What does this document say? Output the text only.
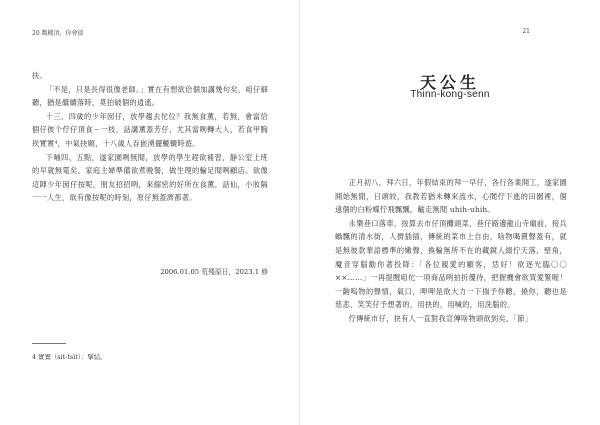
20 戲棚頂，你會揣

扶。

「不是，只是長得很像老師。」實在有想欲佮個加講幾句矣，咱仔細聽，猶是繼續落時，莫拍破個的逍遙。

十三、四歲的少年囡仔，放學趨去佗位？我無食薰，若無，會當佮個仔彼个佇仔頂食ㄧ一枝，話講薰蓋芳仔，尤其當咧轉大人，若食甲胸崁實實⁴，中氣抉順，十八歲人吞嵌湧擺轆轆時遊。

下晡四、五點，遂家園咧無閒，放學的學生趕欲補習，靜公室上班的早就無電矣，家庭主婦準備欲煮晚餐，做生理的輪足閒咧顧店。欲像這陣少年囡仔按呢，朋友招招咧，來縮密的好所在食薰，話仙，小妝隔一一人生，欲有像按呢的時刻，原仔無蓋濟都著。

2006.01.05 荒殘原日，2023.1 修
4 實實（sit-tsit）：擘結。
21
天公生
Thinn-kong-senn

正月初八，拜六日，年假結束的拜一早仔，各行各業開工，遂家園開始無閒，日頭皎，我教若猶未轉來流水，心閬佇下進的田園裡，個遠個的白粉蝶佇飛飄飄，輸走無閒 uhih-uhih。

永樂巷口落車，按算去市仔頂攤頭菜，巷仔路邊龍山寺廟前，接兵蝸飄的清水街，人擠插插，傳統的菜市上自由，啥物喝賣聲蓋有，就是無彼款華語標準的嫩聲，換輪無所不在的藏鏡人綴佇天落，壁角，魔音穿腦勸你著投降：「各位親愛的顧客，恁好！欲逐光臨〇〇××……」一再提醒咱佗一項商品咧拍折優待，把握機會欲買愛緊喔！一齣嗚物的聲情，氣口，呷呷是欲大力一下揣予你聽，撓你，聽也是慈悲，笑笑仔予想著的，用抉的，用喊的，用洗腦的。

佇傳統市仔，抉有人一直對我宣傳啥物頭欲到矣，「節」
